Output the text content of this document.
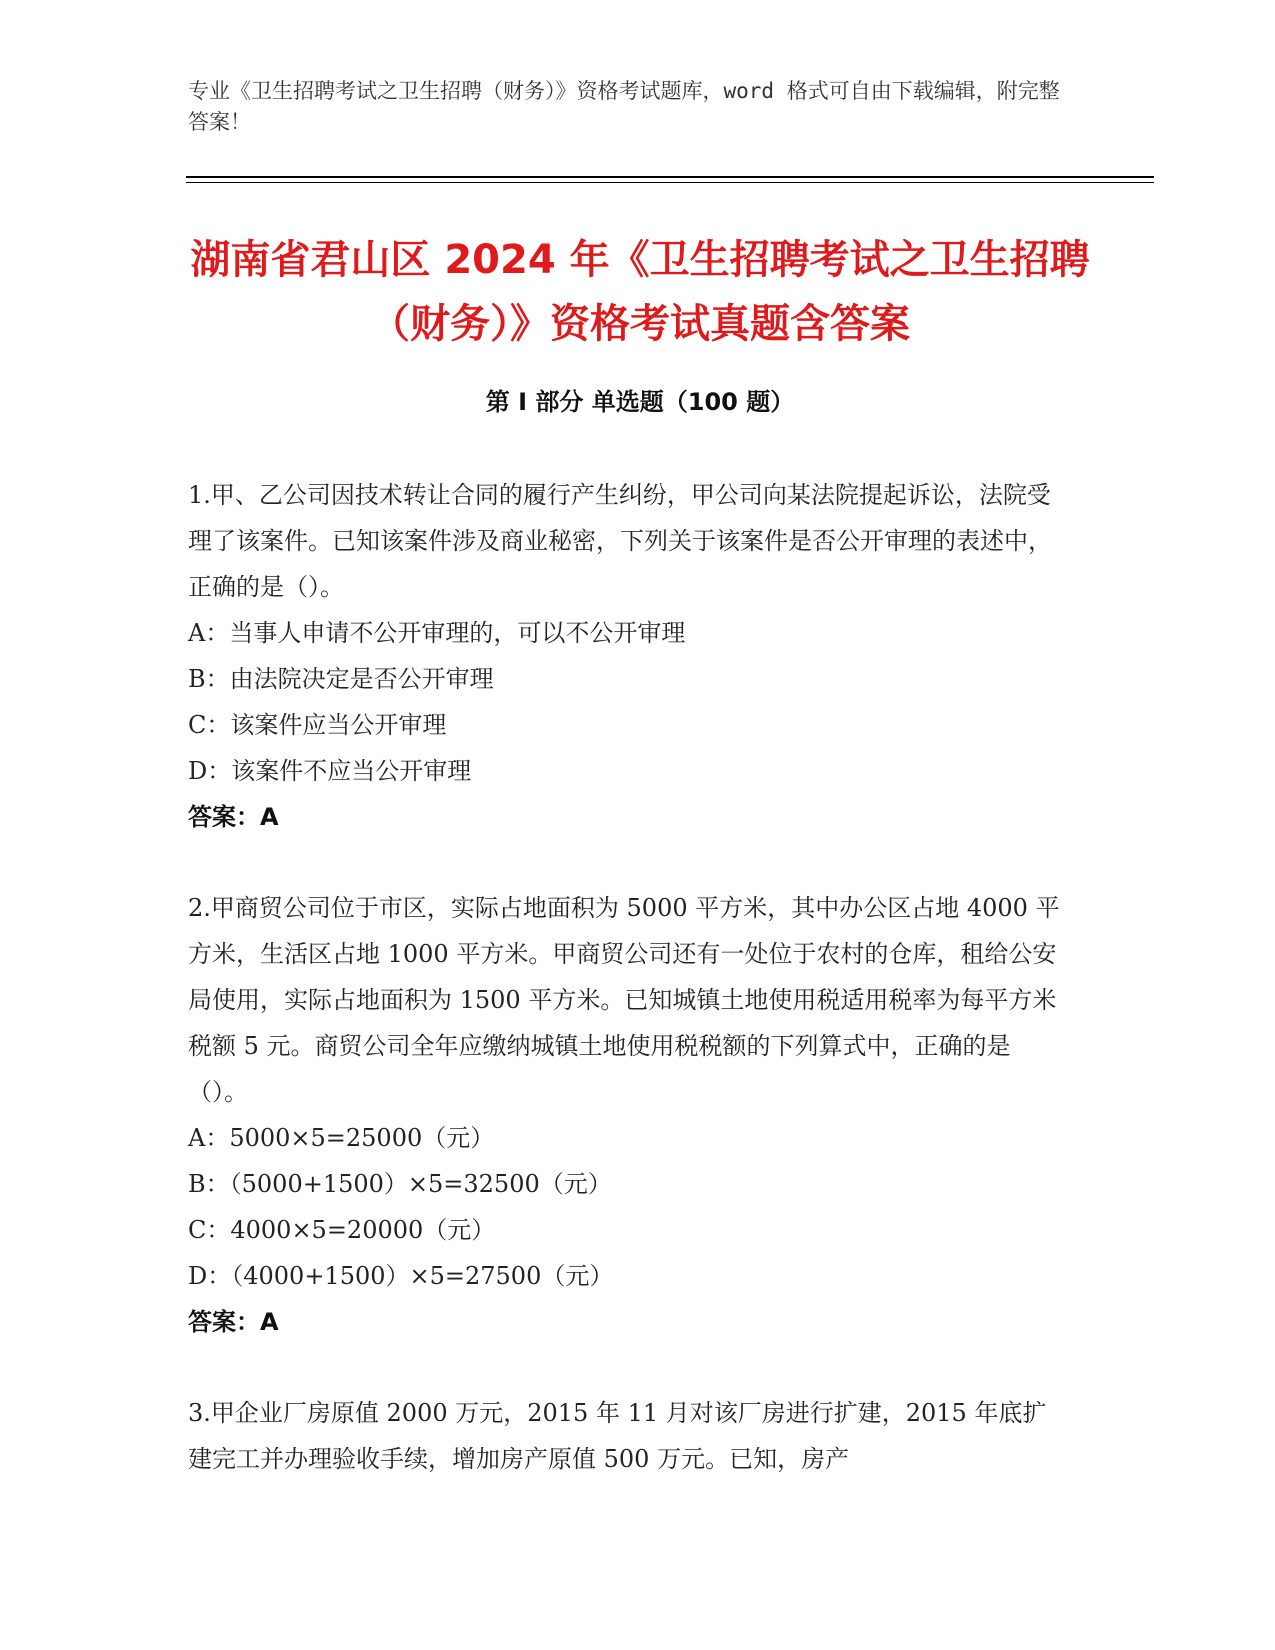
专业《卫生招聘考试之卫生招聘（财务）》资格考试题库，word 格式可自由下载编辑，附完整答案！
湖南省君山区 2024 年《卫生招聘考试之卫生招聘（财务）》资格考试真题含答案
第 I 部分 单选题（100 题）

1.甲、乙公司因技术转让合同的履行产生纠纷，甲公司向某法院提起诉讼，法院受理了该案件。已知该案件涉及商业秘密，下列关于该案件是否公开审理的表述中，正确的是（）。

A：当事人申请不公开审理的，可以不公开审理

B：由法院决定是否公开审理

C：该案件应当公开审理

D：该案件不应当公开审理

答案：A

2.甲商贸公司位于市区，实际占地面积为 5000 平方米，其中办公区占地 4000 平方米，生活区占地 1000 平方米。甲商贸公司还有一处位于农村的仓库，租给公安局使用，实际占地面积为 1500 平方米。已知城镇土地使用税适用税率为每平方米税额 5 元。商贸公司全年应缴纳城镇土地使用税税额的下列算式中，正确的是（）。

A：5000×5=25000（元）

B：（5000+1500）×5=32500（元）

C：4000×5=20000（元）

D：（4000+1500）×5=27500（元）

答案：A

3.甲企业厂房原值 2000 万元，2015 年 11 月对该厂房进行扩建，2015 年底扩建完工并办理验收手续，增加房产原值 500 万元。已知，房产
